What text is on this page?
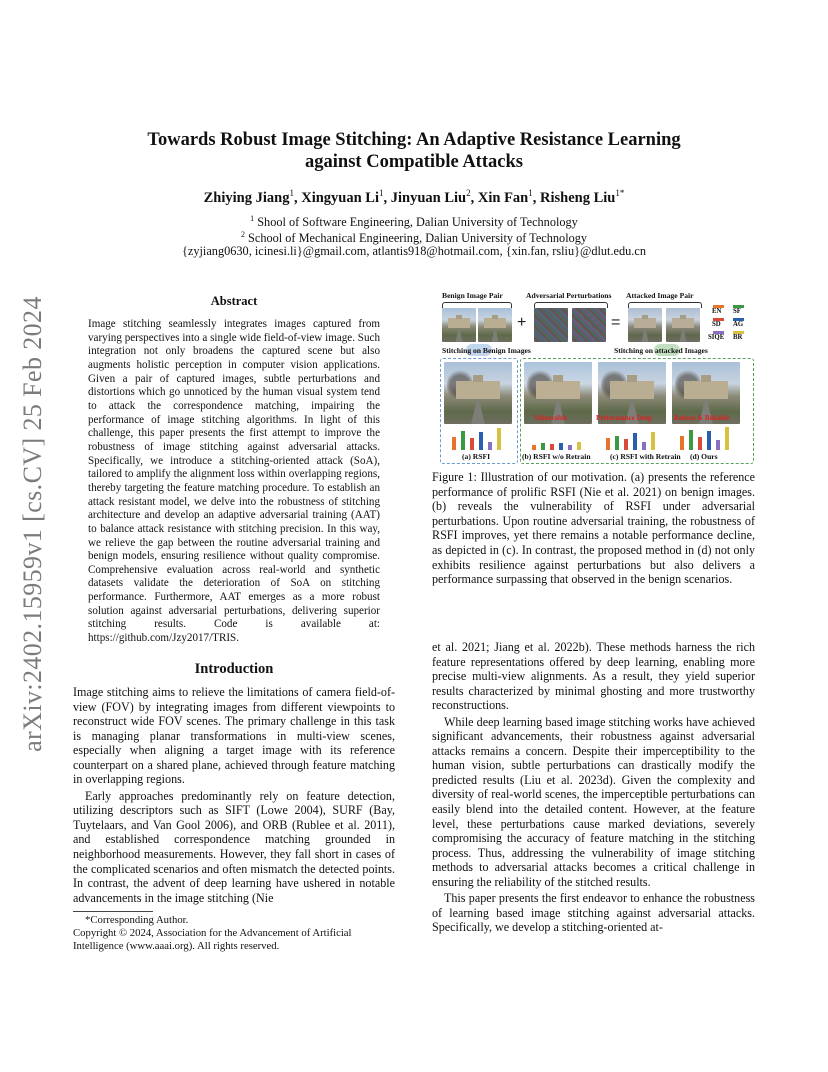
arXiv:2402.15959v1 [cs.CV] 25 Feb 2024
Towards Robust Image Stitching: An Adaptive Resistance Learning
against Compatible Attacks
Zhiying Jiang$^1$, Xingyuan Li$^1$, Jinyuan Liu$^2$, Xin Fan$^1$, Risheng Liu$^{1*}$
$^1$ Shool of Software Engineering, Dalian University of Technology
$^2$ School of Mechanical Engineering, Dalian University of Technology
{zyjiang0630, icinesi.li}@gmail.com, atlantis918@hotmail.com, {xin.fan, rsliu}@dlut.edu.cn
Abstract

Image stitching seamlessly integrates images captured from varying perspectives into a single wide field-of-view image. Such integration not only broadens the captured scene but also augments holistic perception in computer vision applications. Given a pair of captured images, subtle perturbations and distortions which go unnoticed by the human visual system tend to attack the correspondence matching, impairing the performance of image stitching algorithms. In light of this challenge, this paper presents the first attempt to improve the robustness of image stitching against adversarial attacks. Specifically, we introduce a stitching-oriented attack (SoA), tailored to amplify the alignment loss within overlapping regions, thereby targeting the feature matching procedure. To establish an attack resistant model, we delve into the robustness of stitching architecture and develop an adaptive adversarial training (AAT) to balance attack resistance with stitching precision. In this way, we relieve the gap between the routine adversarial training and benign models, ensuring resilience without quality compromise. Comprehensive evaluation across real-world and synthetic datasets validate the deterioration of SoA on stitching performance. Furthermore, AAT emerges as a more robust solution against adversarial perturbations, delivering superior stitching results. Code is available at: https://github.com/Jzy2017/TRIS.

Introduction

Image stitching aims to relieve the limitations of camera field-of-view (FOV) by integrating images from different viewpoints to reconstruct wide FOV scenes. The primary challenge in this task is managing planar transformations in multi-view scenes, especially when aligning a target image with its reference counterpart on a shared plane, achieved through feature matching in overlapping regions.

Early approaches predominantly rely on feature detection, utilizing descriptors such as SIFT (Lowe 2004), SURF (Bay, Tuytelaars, and Van Gool 2006), and ORB (Rublee et al. 2011), and established correspondence matching grounded in neighborhood measurements. However, they fall short in cases of the complicated scenarios and often mismatch the detected points. In contrast, the advent of deep learning have ushered in notable advancements in the image stitching (Nie

*Corresponding Author.
Copyright © 2024, Association for the Advancement of Artificial Intelligence (www.aaai.org). All rights reserved.
Benign Image Pair	Adversarial Perturbations Attacked Image Pair
+	=
EN SF
SD AG
SIQE BR
Stitching on Benign Images	Stitching on attacked Images
Vulnerable	Performance Drop	Robust & Reliable
(a) RSFI	(b) RSFI w/o Retrain	(c) RSFI with Retrain (d) Ours

Figure 1: Illustration of our motivation. (a) presents the reference performance of prolific RSFI (Nie et al. 2021) on benign images. (b) reveals the vulnerability of RSFI under adversarial perturbations. Upon routine adversarial training, the robustness of RSFI improves, yet there remains a notable performance decline, as depicted in (c). In contrast, the proposed method in (d) not only exhibits resilience against perturbations but also delivers a performance surpassing that observed in the benign scenarios.

et al. 2021; Jiang et al. 2022b). These methods harness the rich feature representations offered by deep learning, enabling more precise multi-view alignments. As a result, they yield superior results characterized by minimal ghosting and more trustworthy reconstructions.

While deep learning based image stitching works have achieved significant advancements, their robustness against adversarial attacks remains a concern. Despite their imperceptibility to the human vision, subtle perturbations can drastically modify the predicted results (Liu et al. 2023d). Given the complexity and diversity of real-world scenes, the imperceptible perturbations can easily blend into the detailed content. However, at the feature level, these perturbations cause marked deviations, severely compromising the accuracy of feature matching in the stitching process. Thus, addressing the vulnerability of image stitching methods to adversarial attacks becomes a critical challenge in ensuring the reliability of the stitched results.

This paper presents the first endeavor to enhance the robustness of learning based image stitching against adversarial attacks. Specifically, we develop a stitching-oriented at-
